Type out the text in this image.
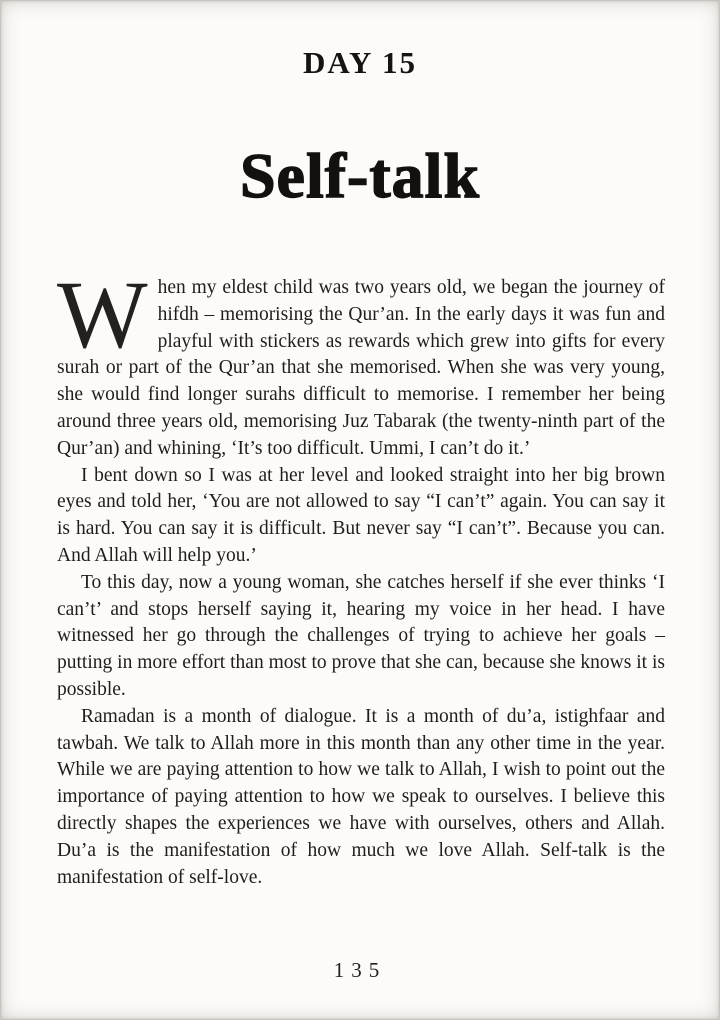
DAY 15
Self-talk

When my eldest child was two years old, we began the journey of hifdh – memorising the Qur’an. In the early days it was fun and playful with stickers as rewards which grew into gifts for every surah or part of the Qur’an that she memorised. When she was very young, she would find longer surahs difficult to memorise. I remember her being around three years old, memorising Juz Tabarak (the twenty-ninth part of the Qur’an) and whining, ‘It’s too difficult. Ummi, I can’t do it.’

I bent down so I was at her level and looked straight into her big brown eyes and told her, ‘You are not allowed to say “I can’t” again. You can say it is hard. You can say it is difficult. But never say “I can’t”. Because you can. And Allah will help you.’

To this day, now a young woman, she catches herself if she ever thinks ‘I can’t’ and stops herself saying it, hearing my voice in her head. I have witnessed her go through the challenges of trying to achieve her goals – putting in more effort than most to prove that she can, because she knows it is possible.

Ramadan is a month of dialogue. It is a month of du’a, istighfaar and tawbah. We talk to Allah more in this month than any other time in the year. While we are paying attention to how we talk to Allah, I wish to point out the importance of paying attention to how we speak to ourselves. I believe this directly shapes the experiences we have with ourselves, others and Allah. Du’a is the manifestation of how much we love Allah. Self-talk is the manifestation of self-love.

135
